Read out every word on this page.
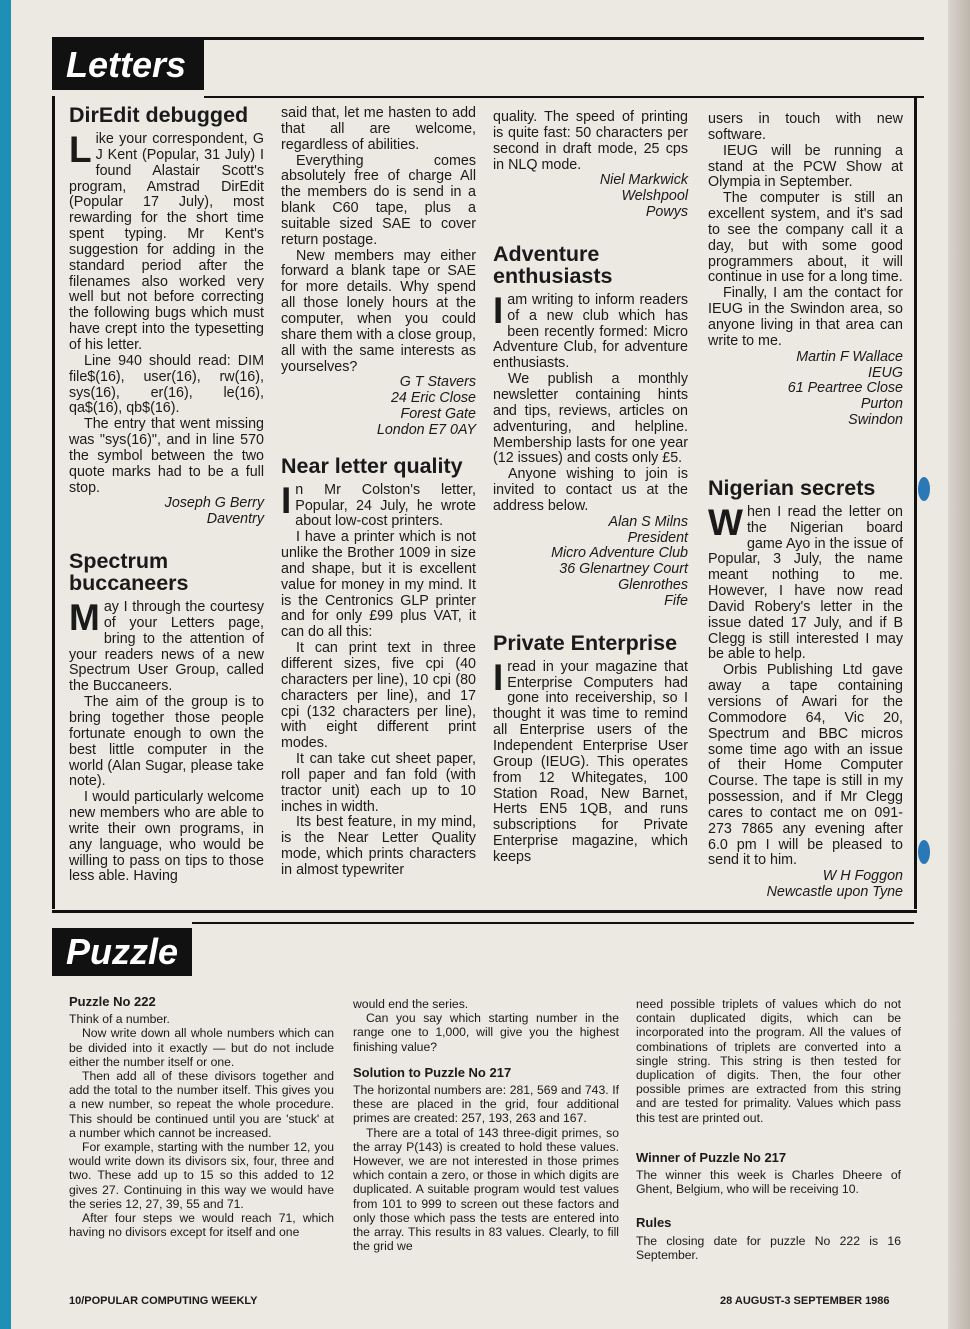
Letters
DirEdit debugged

Like your correspondent, G J Kent (Popular, 31 July) I found Alastair Scott's program, Amstrad DirEdit (Popular 17 July), most rewarding for the short time spent typing. Mr Kent's suggestion for adding in the standard period after the filenames also worked very well but not before correcting the following bugs which must have crept into the typesetting of his letter.

Line 940 should read: DIM file$(16), user(16), rw(16), sys(16), er(16), le(16), qa$(16), qb$(16).

The entry that went missing was "sys(16)", and in line 570 the symbol between the two quote marks had to be a full stop.

Joseph G Berry

Daventry

Spectrum buccaneers

May I through the courtesy of your Letters page, bring to the attention of your readers news of a new Spectrum User Group, called the Buccaneers.

The aim of the group is to bring together those people fortunate enough to own the best little computer in the world (Alan Sugar, please take note).

I would particularly welcome new members who are able to write their own programs, in any language, who would be willing to pass on tips to those less able. Having

said that, let me hasten to add that all are welcome, regardless of abilities.

Everything comes absolutely free of charge All the members do is send in a blank C60 tape, plus a suitable sized SAE to cover return postage.

New members may either forward a blank tape or SAE for more details. Why spend all those lonely hours at the computer, when you could share them with a close group, all with the same interests as yourselves?

G T Stavers

24 Eric Close

Forest Gate

London E7 0AY

Near letter quality

In Mr Colston's letter, Popular, 24 July, he wrote about low-cost printers.

I have a printer which is not unlike the Brother 1009 in size and shape, but it is excellent value for money in my mind. It is the Centronics GLP printer and for only £99 plus VAT, it can do all this:

It can print text in three different sizes, five cpi (40 characters per line), 10 cpi (80 characters per line), and 17 cpi (132 characters per line), with eight different print modes.

It can take cut sheet paper, roll paper and fan fold (with tractor unit) each up to 10 inches in width.

Its best feature, in my mind, is the Near Letter Quality mode, which prints characters in almost typewriter

quality. The speed of printing is quite fast: 50 characters per second in draft mode, 25 cps in NLQ mode.

Niel Markwick

Welshpool

Powys

Adventure enthusiasts

Iam writing to inform readers of a new club which has been recently formed: Micro Adventure Club, for adventure enthusiasts.

We publish a monthly newsletter containing hints and tips, reviews, articles on adventuring, and helpline. Membership lasts for one year (12 issues) and costs only £5.

Anyone wishing to join is invited to contact us at the address below.

Alan S Milns

President

Micro Adventure Club

36 Glenartney Court

Glenrothes

Fife

Private Enterprise

Iread in your magazine that Enterprise Computers had gone into receivership, so I thought it was time to remind all Enterprise users of the Independent Enterprise User Group (IEUG). This operates from 12 Whitegates, 100 Station Road, New Barnet, Herts EN5 1QB, and runs subscriptions for Private Enterprise magazine, which keeps

users in touch with new software.

IEUG will be running a stand at the PCW Show at Olympia in September.

The computer is still an excellent system, and it's sad to see the company call it a day, but with some good programmers about, it will continue in use for a long time.

Finally, I am the contact for IEUG in the Swindon area, so anyone living in that area can write to me.

Martin F Wallace

IEUG

61 Peartree Close

Purton

Swindon

Nigerian secrets

When I read the letter on the Nigerian board game Ayo in the issue of Popular, 3 July, the name meant nothing to me. However, I have now read David Robery's letter in the issue dated 17 July, and if B Clegg is still interested I may be able to help.

Orbis Publishing Ltd gave away a tape containing versions of Awari for the Commodore 64, Vic 20, Spectrum and BBC micros some time ago with an issue of their Home Computer Course. The tape is still in my possession, and if Mr Clegg cares to contact me on 091-273 7865 any evening after 6.0 pm I will be pleased to send it to him.

W H Foggon

Newcastle upon Tyne

Puzzle
Puzzle No 222

Think of a number.

Now write down all whole numbers which can be divided into it exactly — but do not include either the number itself or one.

Then add all of these divisors together and add the total to the number itself. This gives you a new number, so repeat the whole procedure. This should be continued until you are 'stuck' at a number which cannot be increased.

For example, starting with the number 12, you would write down its divisors six, four, three and two. These add up to 15 so this added to 12 gives 27. Continuing in this way we would have the series 12, 27, 39, 55 and 71.

After four steps we would reach 71, which having no divisors except for itself and one

would end the series.

Can you say which starting number in the range one to 1,000, will give you the highest finishing value?

Solution to Puzzle No 217

The horizontal numbers are: 281, 569 and 743. If these are placed in the grid, four additional primes are created: 257, 193, 263 and 167.

There are a total of 143 three-digit primes, so the array P(143) is created to hold these values. However, we are not interested in those primes which contain a zero, or those in which digits are duplicated. A suitable program would test values from 101 to 999 to screen out these factors and only those which pass the tests are entered into the array. This results in 83 values. Clearly, to fill the grid we

need possible triplets of values which do not contain duplicated digits, which can be incorporated into the program. All the values of combinations of triplets are converted into a single string. This string is then tested for duplication of digits. Then, the four other possible primes are extracted from this string and are tested for primality. Values which pass this test are printed out.

Winner of Puzzle No 217

The winner this week is Charles Dheere of Ghent, Belgium, who will be receiving 10.

Rules

The closing date for puzzle No 222 is 16 September.

10/POPULAR COMPUTING WEEKLY	28 AUGUST-3 SEPTEMBER 1986
